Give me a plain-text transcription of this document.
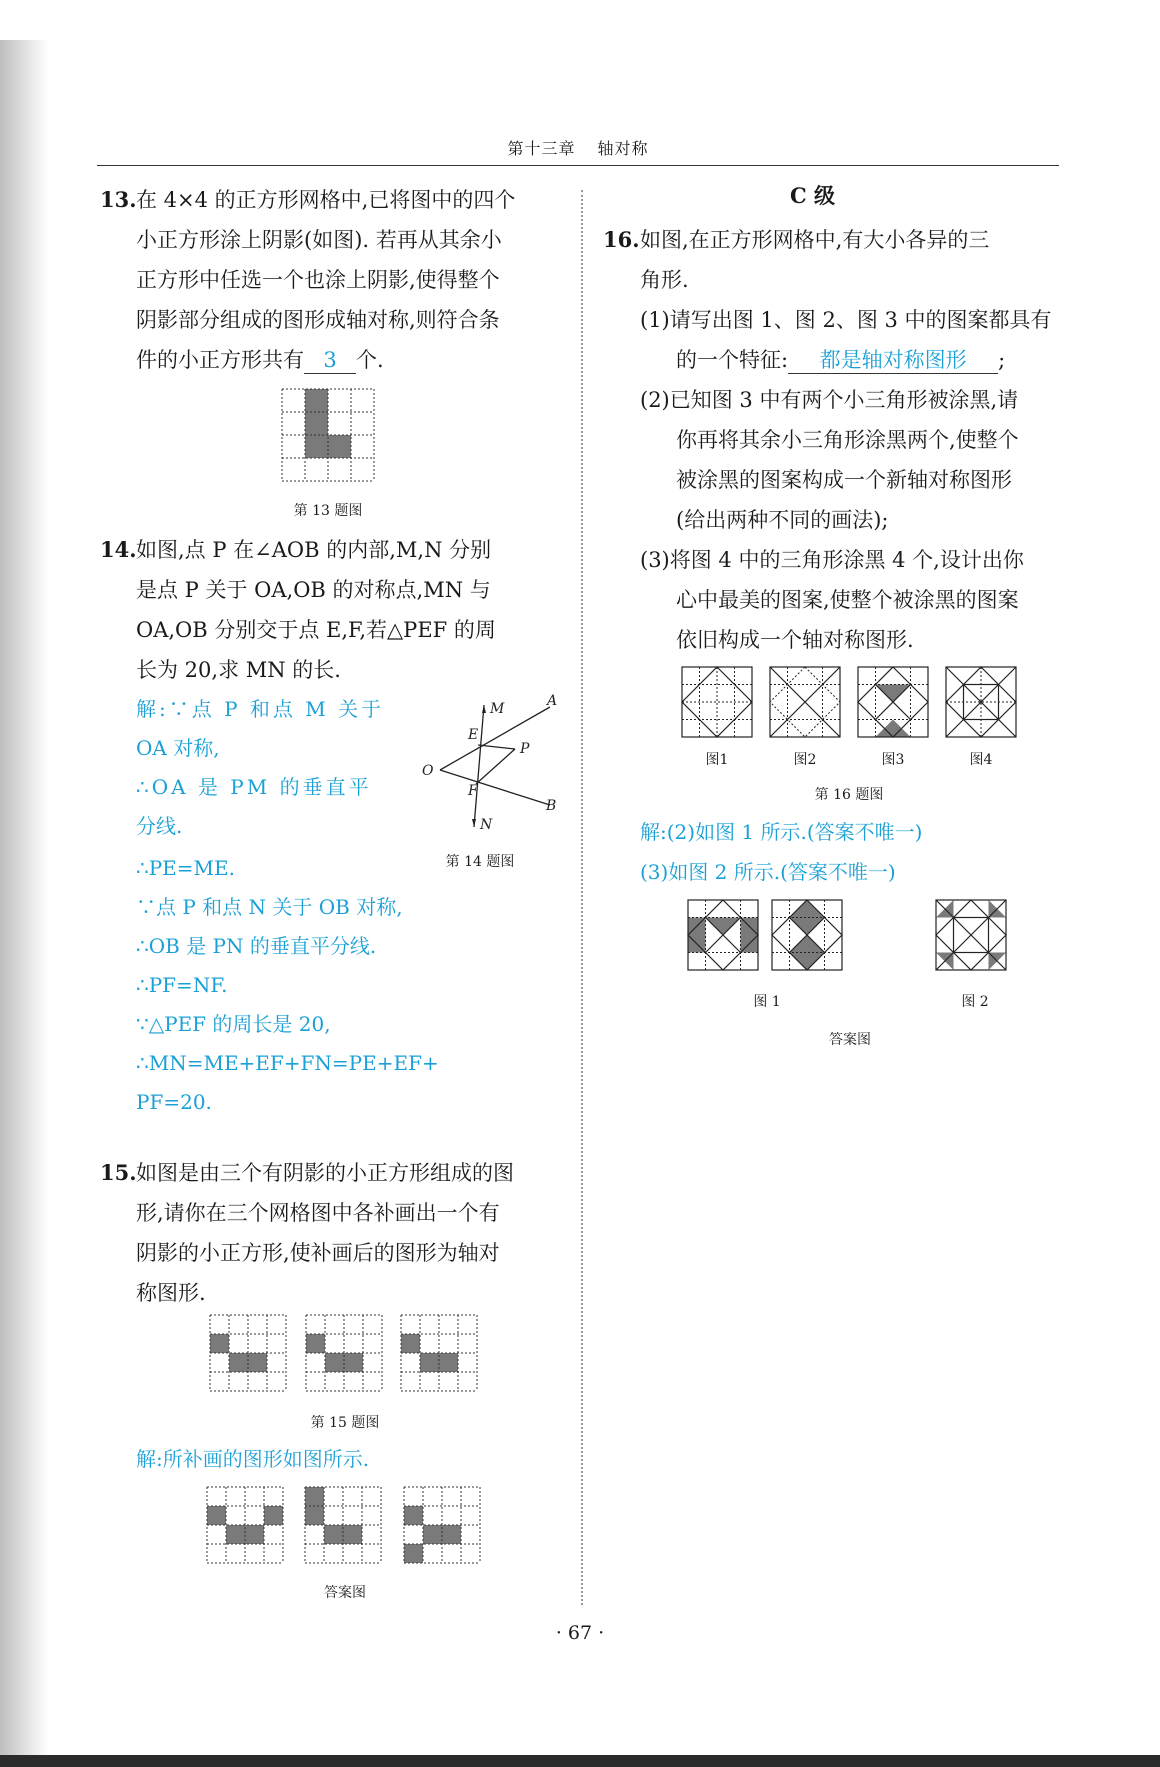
第十三章 轴对称
13. 在 4×4 的正方形网格中,已将图中的四个
小正方形涂上阴影(如图). 若再从其余小
正方形中任选一个也涂上阴影,使得整个
阴影部分组成的图形成轴对称,则符合条
件的小正方形共有 3 个.
第 13 题图
14. 如图,点 P 在∠AOB 的内部,M,N 分别
是点 P 关于 OA,OB 的对称点,MN 与
OA,OB 分别交于点 E,F,若△PEF 的周
长为 20,求 MN 的长.
解:∵点 P 和点 M 关于
OA 对称,
∴OA 是 PM 的垂直平
分线.
∴PE=ME.
∵点 P 和点 N 关于 OB 对称,
∴OB 是 PN 的垂直平分线.
∴PF=NF.
∵△PEF 的周长是 20,
∴MN=ME+EF+FN=PE+EF+
PF=20.
M	A
E
P
O
F
B
N
第 14 题图
15. 如图是由三个有阴影的小正方形组成的图
形,请你在三个网格图中各补画出一个有
阴影的小正方形,使补画后的图形为轴对
称图形.
第 15 题图
解:所补画的图形如图所示.
答案图
C 级
16. 如图,在正方形网格中,有大小各异的三
角形.
(1)请写出图 1、图 2、图 3 中的图案都具有
的一个特征: 都是轴对称图形 ;
(2)已知图 3 中有两个小三角形被涂黑,请
你再将其余小三角形涂黑两个,使整个
被涂黑的图案构成一个新轴对称图形
(给出两种不同的画法);
(3)将图 4 中的三角形涂黑 4 个,设计出你
心中最美的图案,使整个被涂黑的图案
依旧构成一个轴对称图形.
图1	图2	图3	图4
第 16 题图
解:(2)如图 1 所示.(答案不唯一)
(3)如图 2 所示.(答案不唯一)
图 1	图 2
答案图
· 67 ·
